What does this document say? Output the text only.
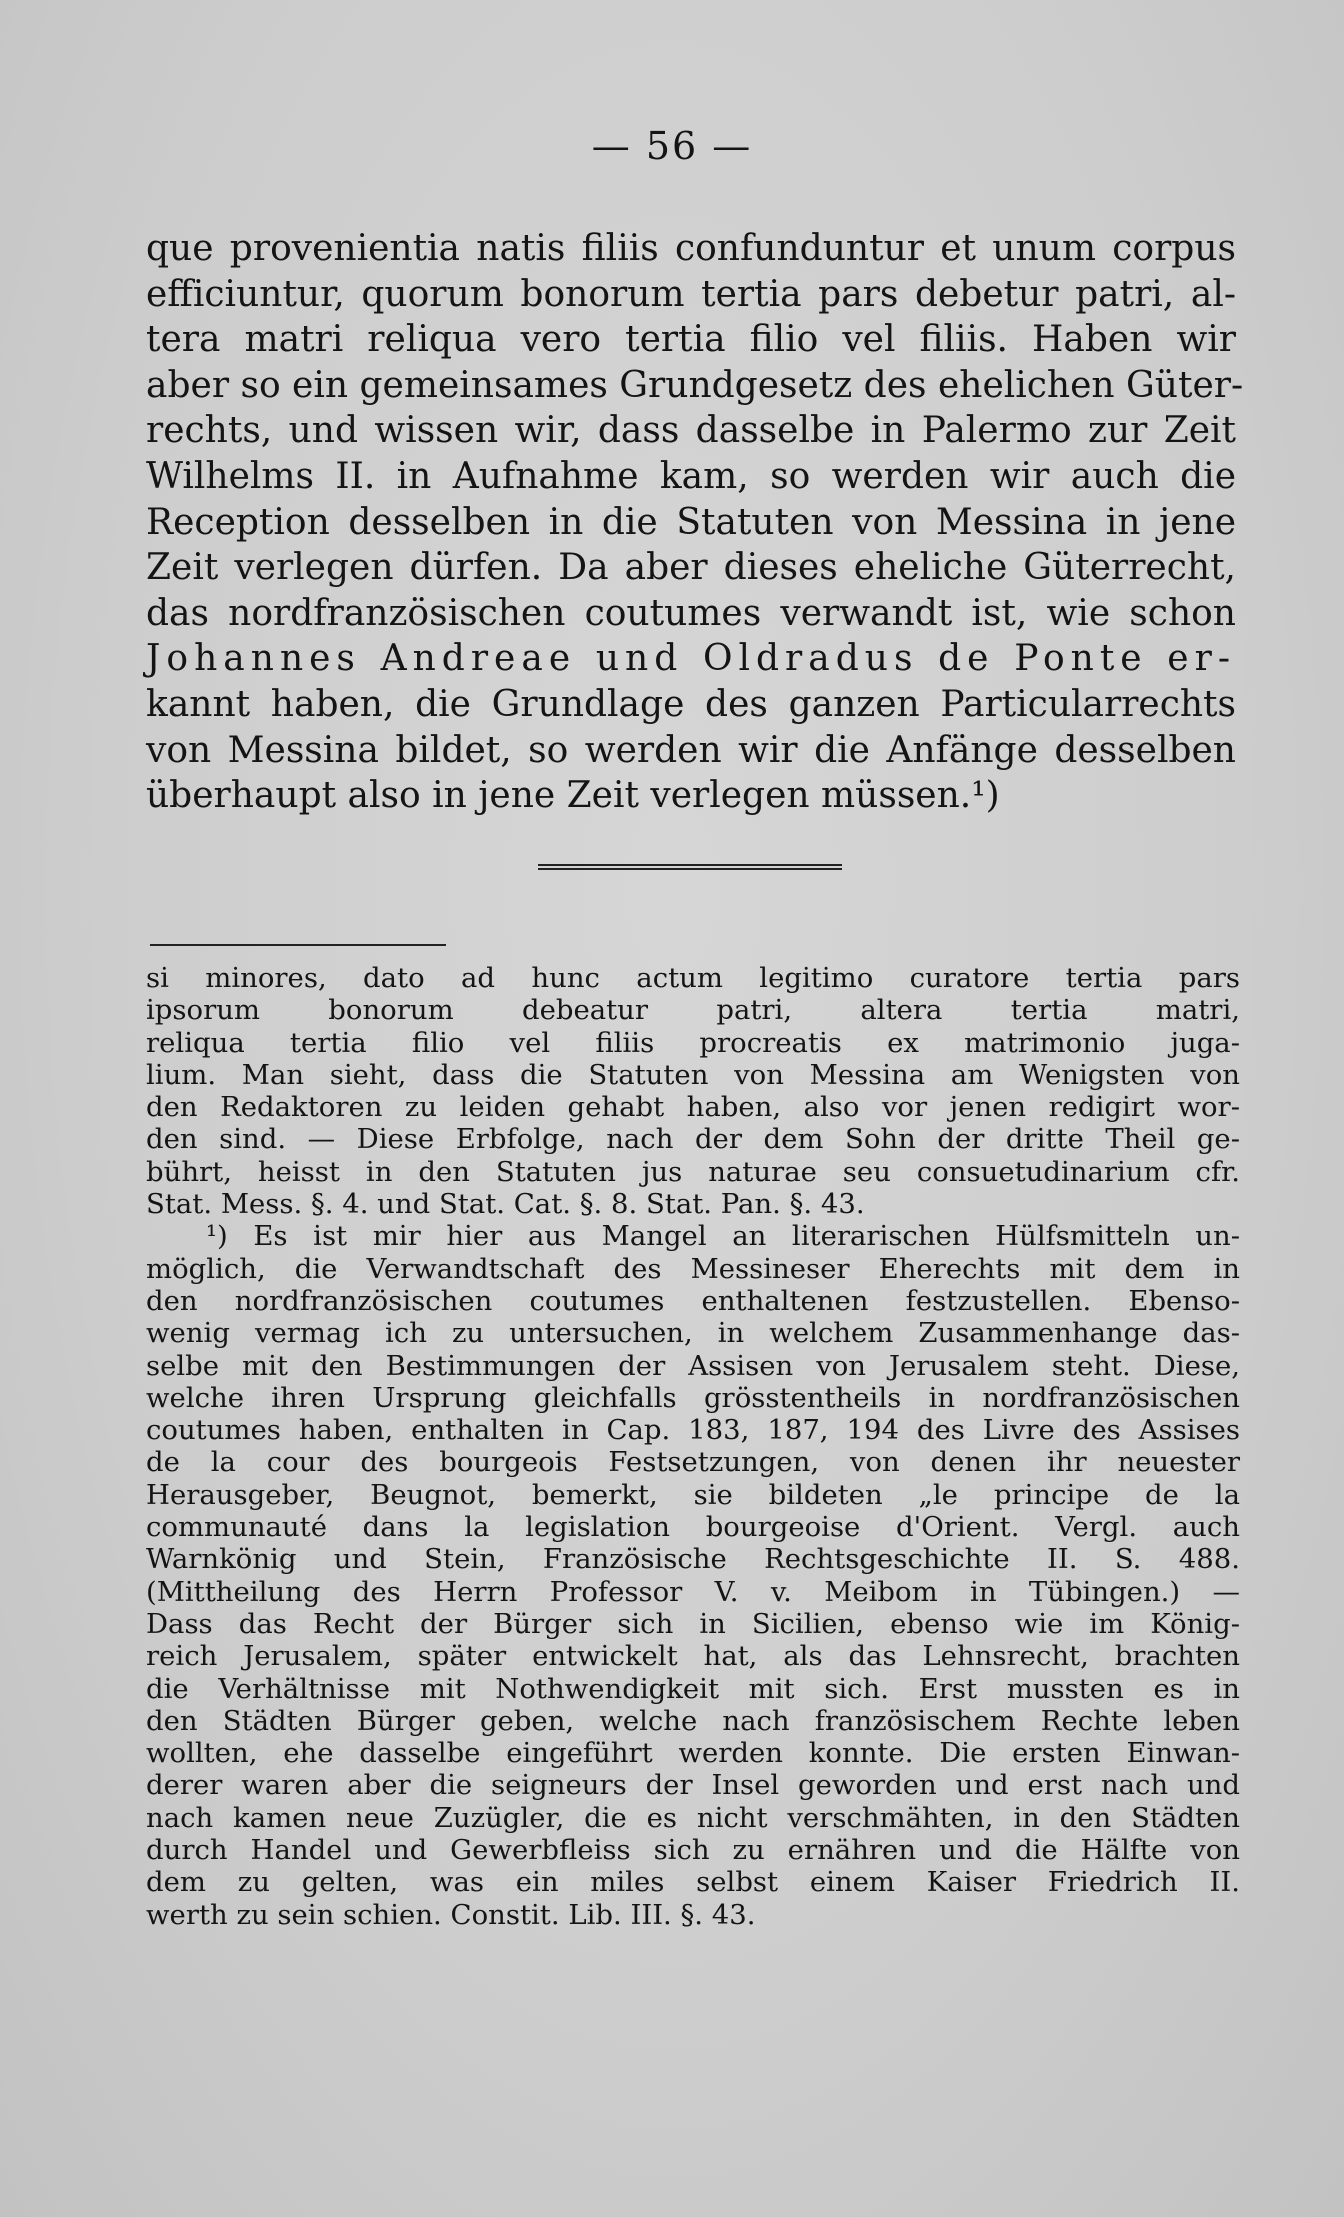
— 56 —
que provenientia natis filiis confunduntur et unum corpus
efficiuntur, quorum bonorum tertia pars debetur patri, al-
tera matri reliqua vero tertia filio vel filiis. Haben wir
aber so ein gemeinsames Grundgesetz des ehelichen Güter-
rechts, und wissen wir, dass dasselbe in Palermo zur Zeit
Wilhelms II. in Aufnahme kam, so werden wir auch die
Reception desselben in die Statuten von Messina in jene
Zeit verlegen dürfen. Da aber dieses eheliche Güterrecht,
das nordfranzösischen coutumes verwandt ist, wie schon
Johannes Andreae und Oldradus de Ponte er-
kannt haben, die Grundlage des ganzen Particularrechts
von Messina bildet, so werden wir die Anfänge desselben
überhaupt also in jene Zeit verlegen müssen.¹)
si minores, dato ad hunc actum legitimo curatore tertia pars
ipsorum bonorum debeatur patri, altera tertia matri,
reliqua tertia filio vel filiis procreatis ex matrimonio juga-
lium. Man sieht, dass die Statuten von Messina am Wenigsten von
den Redaktoren zu leiden gehabt haben, also vor jenen redigirt wor-
den sind. — Diese Erbfolge, nach der dem Sohn der dritte Theil ge-
bührt, heisst in den Statuten jus naturae seu consuetudinarium cfr.
Stat. Mess. §. 4. und Stat. Cat. §. 8. Stat. Pan. §. 43.
¹) Es ist mir hier aus Mangel an literarischen Hülfsmitteln un-
möglich, die Verwandtschaft des Messineser Eherechts mit dem in
den nordfranzösischen coutumes enthaltenen festzustellen. Ebenso-
wenig vermag ich zu untersuchen, in welchem Zusammenhange das-
selbe mit den Bestimmungen der Assisen von Jerusalem steht. Diese,
welche ihren Ursprung gleichfalls grösstentheils in nordfranzösischen
coutumes haben, enthalten in Cap. 183, 187, 194 des Livre des Assises
de la cour des bourgeois Festsetzungen, von denen ihr neuester
Herausgeber, Beugnot, bemerkt, sie bildeten „le principe de la
communauté dans la legislation bourgeoise d'Orient. Vergl. auch
Warnkönig und Stein, Französische Rechtsgeschichte II. S. 488.
(Mittheilung des Herrn Professor V. v. Meibom in Tübingen.) —
Dass das Recht der Bürger sich in Sicilien, ebenso wie im König-
reich Jerusalem, später entwickelt hat, als das Lehnsrecht, brachten
die Verhältnisse mit Nothwendigkeit mit sich. Erst mussten es in
den Städten Bürger geben, welche nach französischem Rechte leben
wollten, ehe dasselbe eingeführt werden konnte. Die ersten Einwan-
derer waren aber die seigneurs der Insel geworden und erst nach und
nach kamen neue Zuzügler, die es nicht verschmähten, in den Städten
durch Handel und Gewerbfleiss sich zu ernähren und die Hälfte von
dem zu gelten, was ein miles selbst einem Kaiser Friedrich II.
werth zu sein schien. Constit. Lib. III. §. 43.
